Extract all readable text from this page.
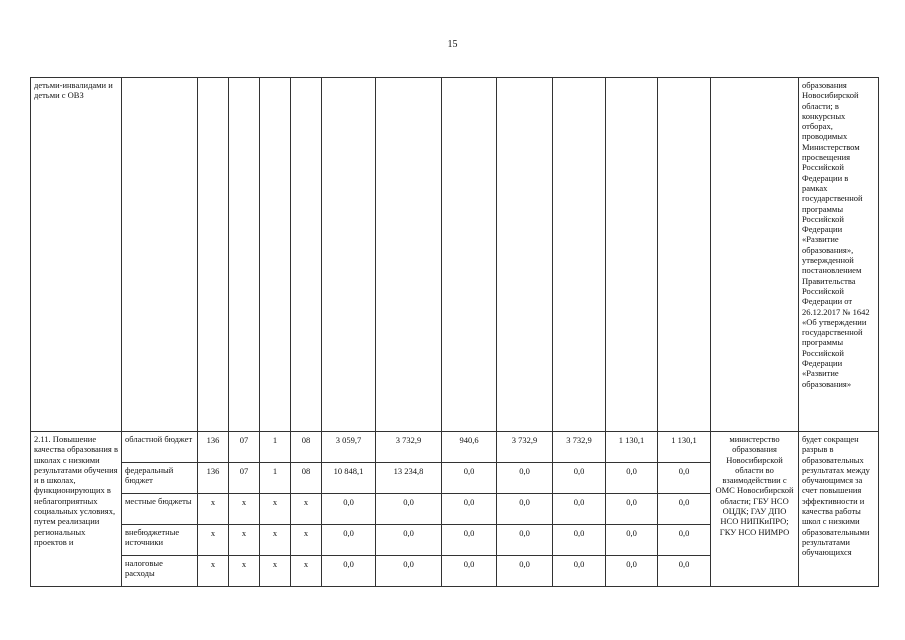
15
детьми-инвалидами и детьми с ОВЗ														образования Новосибирской области; в конкурсных отборах, проводимых Министерством просвещения Российской Федерации в рамках государственной программы Российской Федерации «Развитие образования», утвержденной постановлением Правительства Российской Федерации от 26.12.2017 № 1642 «Об утверждении государственной программы Российской Федерации «Развитие образования»
2.11. Повышение качества образования в школах с низкими результатами обучения и в школах, функционирующих в неблагоприятных социальных условиях, путем реализации региональных проектов и	областной бюджет	136	07	1	08	3 059,7	3 732,9	940,6	3 732,9	3 732,9	1 130,1	1 130,1	министерство образования Новосибирской области во взаимодействии с ОМС Новосибирской области; ГБУ НСО ОЦДК; ГАУ ДПО НСО НИПКиПРО; ГКУ НСО НИМРО	будет сокращен разрыв в образовательных результатах между обучающимся за счет повышения эффективности и качества работы школ с низкими образовательными результатами обучающихся
	федеральный бюджет	136	07	1	08	10 848,1	13 234,8	0,0	0,0	0,0	0,0	0,0		
	местные бюджеты	x	x	x	x	0,0	0,0	0,0	0,0	0,0	0,0	0,0		
	внебюджетные источники	x	x	x	x	0,0	0,0	0,0	0,0	0,0	0,0	0,0		
	налоговые расходы	x	x	x	x	0,0	0,0	0,0	0,0	0,0	0,0	0,0		
